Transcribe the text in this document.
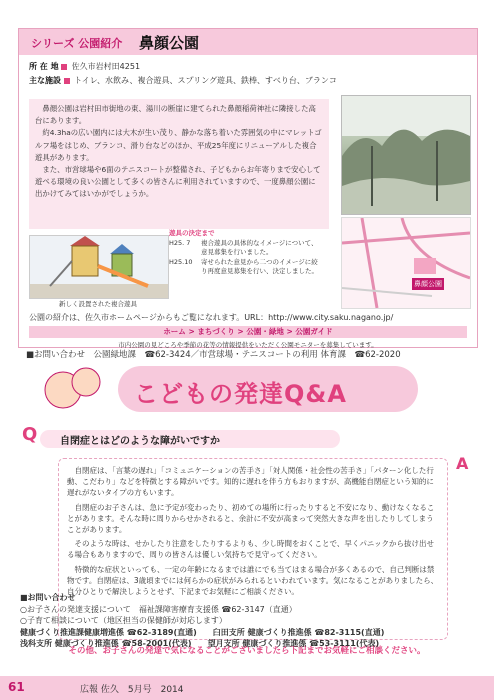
シリーズ 公園紹介 鼻顔公園
所 在 地 佐久市岩村田4251
主な施設 トイレ、水飲み、複合遊具、スプリング遊具、鉄棒、すべり台、ブランコ

鼻顔公園は岩村田市街地の東、湯川の断崖に建てられた鼻顔稲荷神社に隣接した高台にあります。

約4.3haの広い園内には大木が生い茂り、静かな落ち着いた雰囲気の中にマレットゴルフ場をはじめ、ブランコ、滑り台などのほか、平成25年度にリニューアルした複合遊具があります。

また、市営球場や6面のテニスコートが整備され、子どもからお年寄りまで安心して遊べる環境の良い公園として多くの皆さんに利用されていますので、一度鼻顔公園に出かけてみてはいかがでしょうか。

新しく設置された複合遊具
遊具の決定まで
H25. 7	複合遊具の具体的なイメージについて、意見募集を行いました。
H25.10	寄せられた意見から二つのイメージに絞り再度意見募集を行い、決定しました。
鼻顔公園
公園の紹介は、佐久市ホームページからもご覧になれます。URL：http://www.city.saku.nagano.jp/
ホーム > まちづくり > 公園・緑地 > 公園ガイド
市内公園の見どころや季節の花等の情報提供をいただく公園モニターを募集しています。
■お問い合わせ　公園緑地課　☎62-3424／市営球場・テニスコートの利用 体育課　☎62-2020
こどもの発達Q&A
Q 自閉症とはどのような障がいですか
A

自閉症は、「言葉の遅れ」「コミュニケーションの苦手さ」「対人関係・社会性の苦手さ」「パターン化した行動、こだわり」などを特徴とする障がいです。知的に遅れを伴う方もおりますが、高機能自閉症という知的に遅れがないタイプの方もいます。

自閉症のお子さんは、急に予定が変わったり、初めての場所に行ったりすると不安になり、動けなくなることがあります。そんな時に周りからせかされると、余計に不安が高まって突然大きな声を出したりしてしまうことがあります。

そのような時は、せかしたり注意をしたりするよりも、少し時間をおくことで、早くパニックから抜け出せる場合もありますので、周りの皆さんは優しい気持ちで見守ってください。

特徴的な症状といっても、一定の年齢になるまでは誰にでも当てはまる場合が多くあるので、自己判断は禁物です。自閉症は、3歳頃までには何らかの症状がみられるといわれています。気になることがありましたら、自分ひとりで解決しようとせず、下記までお気軽にご相談ください。

その他、お子さんの発達で気になることがございましたら下記までお気軽にご相談ください。
■お問い合わせ
○お子さんの発達支援について　福祉課障害療育支援係 ☎62-3147（直通）
○子育て相談について（地区担当の保健師が対応します）
健康づくり推進課健康増進係 ☎62-3189(直通)　　臼田支所 健康づくり推進係 ☎82-3115(直通)
浅科支所 健康づくり推進係 ☎58-2001(代表)　　望月支所 健康づくり推進係 ☎53-3111(代表)
61	広報 佐久　5月号　2014
